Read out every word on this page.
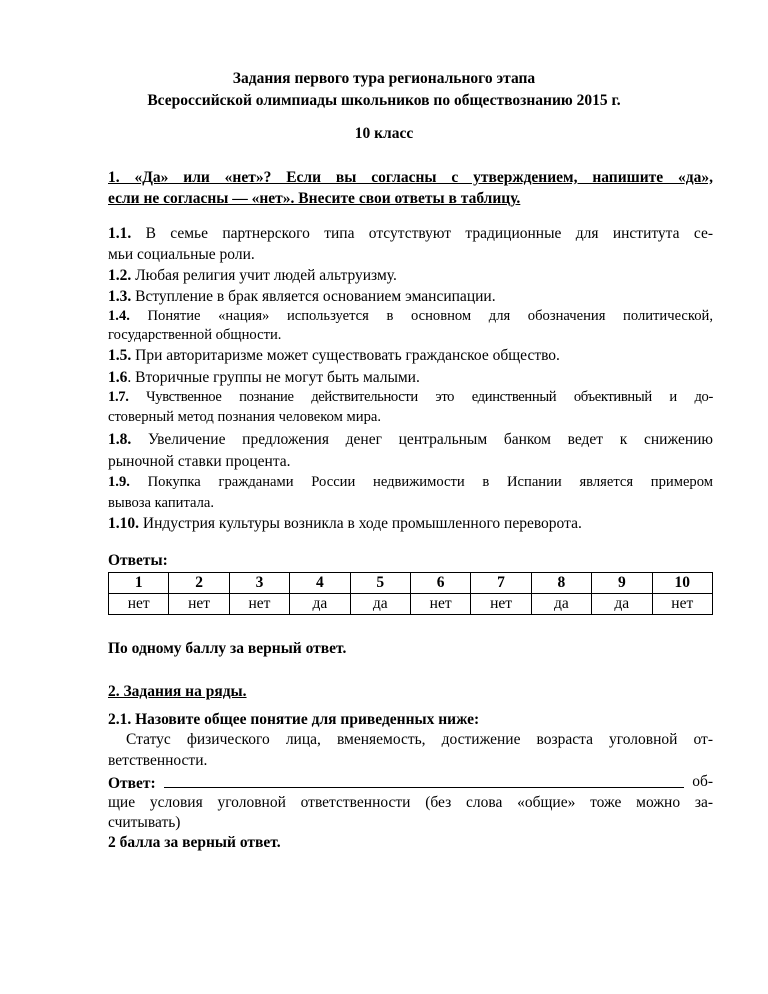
Задания первого тура регионального этапа
Всероссийской олимпиады школьников по обществознанию 2015 г.
10 класс
1. «Да» или «нет»? Если вы согласны с утверждением, напишите «да»,
если не согласны — «нет». Внесите свои ответы в таблицу.
1.1. В семье партнерского типа отсутствуют традиционные для института се-
мьи социальные роли.
1.2. Любая религия учит людей альтруизму.
1.3. Вступление в брак является основанием эмансипации.
1.4. Понятие «нация» используется в основном для обозначения политической,
государственной общности.
1.5. При авторитаризме может существовать гражданское общество.
1.6. Вторичные группы не могут быть малыми.
1.7. Чувственное познание действительности это единственный объективный и до-
стоверный метод познания человеком мира.
1.8. Увеличение предложения денег центральным банком ведет к снижению
рыночной ставки процента.
1.9. Покупка гражданами России недвижимости в Испании является примером
вывоза капитала.
1.10. Индустрия культуры возникла в ходе промышленного переворота.
Ответы:
1	2	3	4	5	6	7	8	9	10
нет	нет	нет	да	да	нет	нет	да	да	нет
По одному баллу за верный ответ.
2. Задания на ряды.
2.1. Назовите общее понятие для приведенных ниже:
Статус физического лица, вменяемость, достижение возраста уголовной от-
ветственности.
Ответ:	об-
щие условия уголовной ответственности (без слова «общие» тоже можно за-
считывать)
2 балла за верный ответ.
